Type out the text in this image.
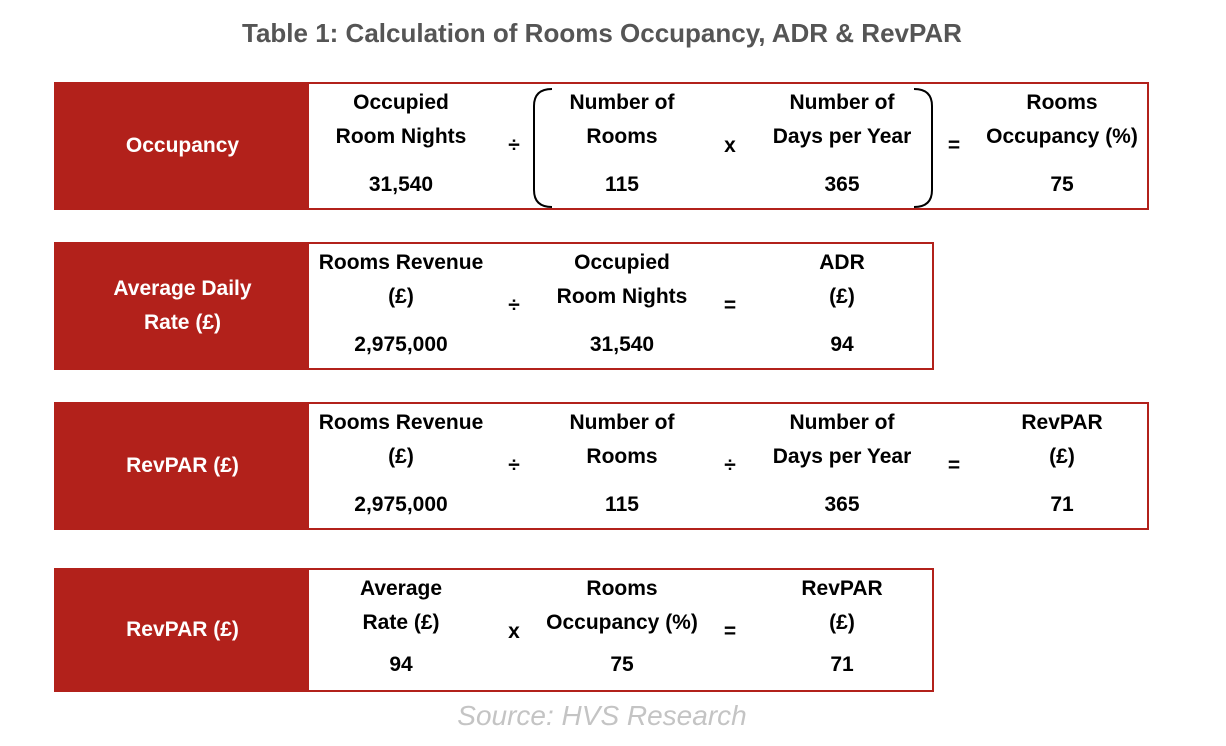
Table 1: Calculation of Rooms Occupancy, ADR & RevPAR
Occupancy
Occupied
Room Nights
31,540
÷
Number of
Rooms
115
x
Number of
Days per Year
365
=
Rooms
Occupancy (%)
75
Average Daily
Rate (£)
Rooms Revenue
(£)
2,975,000
÷
Occupied
Room Nights
31,540
=
ADR
(£)
94
RevPAR (£)
Rooms Revenue
(£)
2,975,000
÷
Number of
Rooms
115
÷
Number of
Days per Year
365
=
RevPAR
(£)
71
RevPAR (£)
Average
Rate (£)
94
x
Rooms
Occupancy (%)
75
=
RevPAR
(£)
71
Source: HVS Research
